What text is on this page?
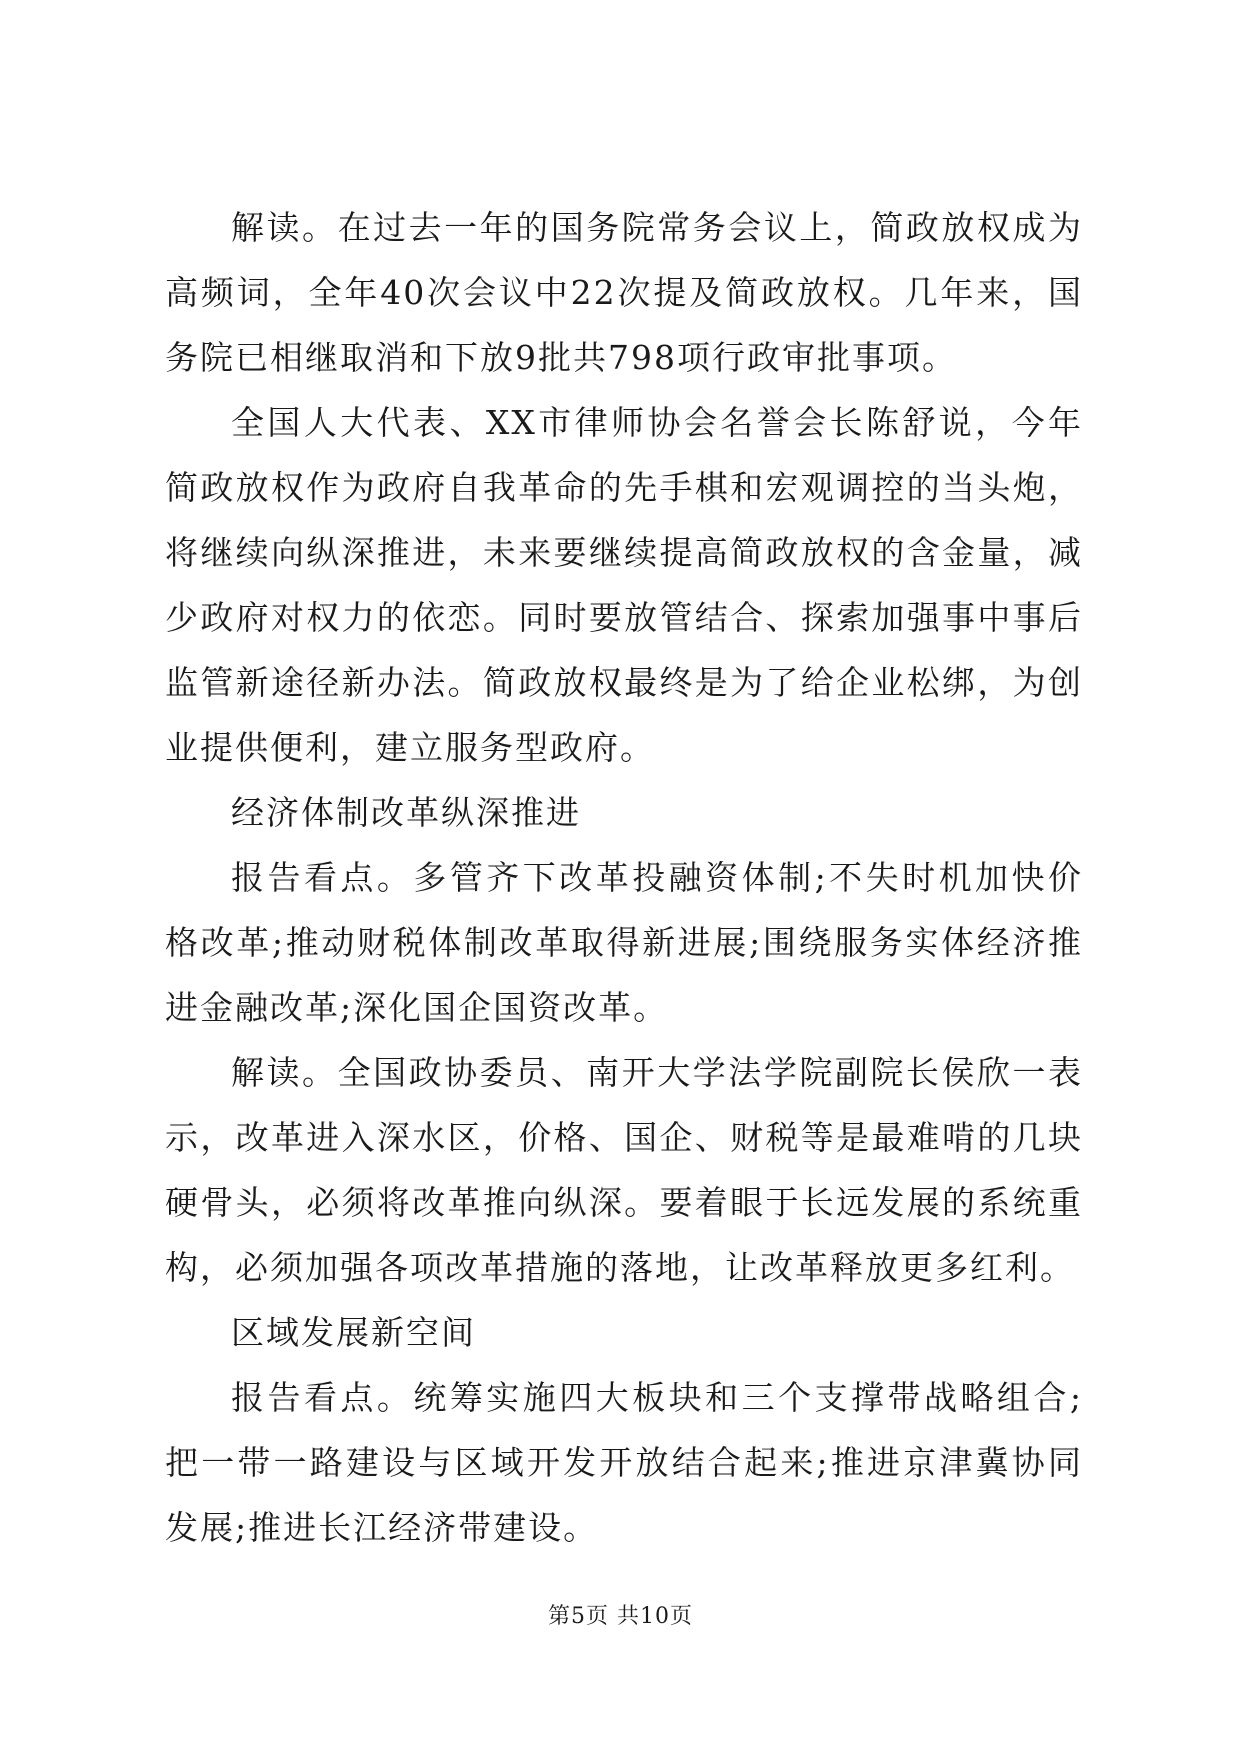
解读。在过去一年的国务院常务会议上，简政放权成为高频词，全年40次会议中22次提及简政放权。几年来，国务院已相继取消和下放9批共798项行政审批事项。

全国人大代表、XX市律师协会名誉会长陈舒说，今年简政放权作为政府自我革命的先手棋和宏观调控的当头炮，将继续向纵深推进，未来要继续提高简政放权的含金量，减少政府对权力的依恋。同时要放管结合、探索加强事中事后监管新途径新办法。简政放权最终是为了给企业松绑，为创业提供便利，建立服务型政府。

经济体制改革纵深推进

报告看点。多管齐下改革投融资体制;不失时机加快价格改革;推动财税体制改革取得新进展;围绕服务实体经济推进金融改革;深化国企国资改革。

解读。全国政协委员、南开大学法学院副院长侯欣一表示，改革进入深水区，价格、国企、财税等是最难啃的几块硬骨头，必须将改革推向纵深。要着眼于长远发展的系统重构，必须加强各项改革措施的落地，让改革释放更多红利。

区域发展新空间

报告看点。统筹实施四大板块和三个支撑带战略组合;把一带一路建设与区域开发开放结合起来;推进京津冀协同发展;推进长江经济带建设。

第5页 共10页
